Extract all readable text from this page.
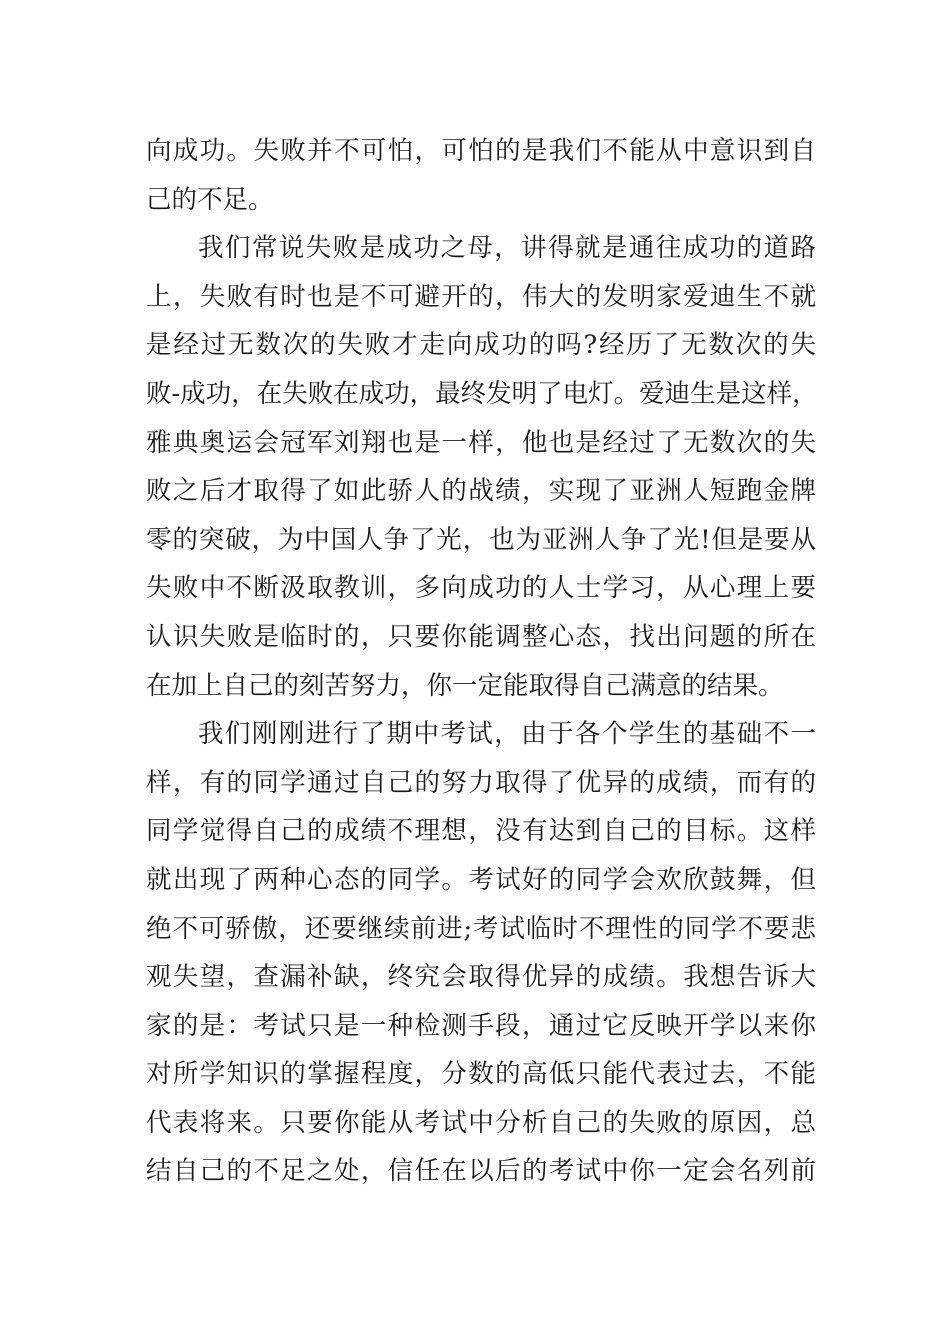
向成功。失败并不可怕，可怕的是我们不能从中意识到自
己的不足。
我们常说失败是成功之母，讲得就是通往成功的道路
上，失败有时也是不可避开的，伟大的发明家爱迪生不就
是经过无数次的失败才走向成功的吗?经历了无数次的失
败-成功，在失败在成功，最终发明了电灯。爱迪生是这样，
雅典奥运会冠军刘翔也是一样，他也是经过了无数次的失
败之后才取得了如此骄人的战绩，实现了亚洲人短跑金牌
零的突破，为中国人争了光，也为亚洲人争了光!但是要从
失败中不断汲取教训，多向成功的人士学习，从心理上要
认识失败是临时的，只要你能调整心态，找出问题的所在
在加上自己的刻苦努力，你一定能取得自己满意的结果。
我们刚刚进行了期中考试，由于各个学生的基础不一
样，有的同学通过自己的努力取得了优异的成绩，而有的
同学觉得自己的成绩不理想，没有达到自己的目标。这样
就出现了两种心态的同学。考试好的同学会欢欣鼓舞，但
绝不可骄傲，还要继续前进;考试临时不理性的同学不要悲
观失望，查漏补缺，终究会取得优异的成绩。我想告诉大
家的是：考试只是一种检测手段，通过它反映开学以来你
对所学知识的掌握程度，分数的高低只能代表过去，不能
代表将来。只要你能从考试中分析自己的失败的原因，总
结自己的不足之处，信任在以后的考试中你一定会名列前
